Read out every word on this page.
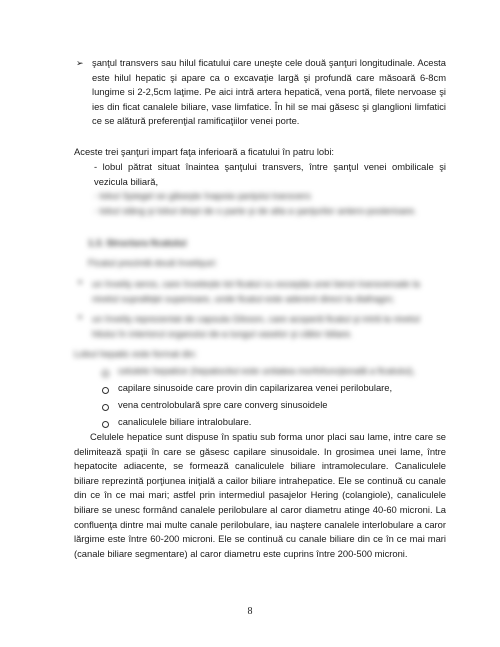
➢ şanţul transvers sau hilul ficatului care uneşte cele două şanţuri longitudinale. Acesta este hilul hepatic şi apare ca o excavaţie largă şi profundă care măsoară 6-8cm lungime si 2-2,5cm laţime. Pe aici intră artera hepatică, vena portă, filete nervoase şi ies din ficat canalele biliare, vase limfatice. În hil se mai găsesc şi glanglioni limfatici ce se alătură preferenţial ramificaţiilor venei porte.
Aceste trei şanţuri impart faţa inferioară a ficatului în patru lobi:
- lobul pătrat situat înaintea şanţului transvers, între şanţul venei ombilicale şi vezicula biliară,
- lobul Spiegel se găseşte înapoia şanţului transvers
- lobul stâng şi lobul drept de o parte şi de alta a şanţurilor antero-posterioare.
1.3. Structura ficatului
Ficatul prezintă două învelişuri:
● un înveliş seros, care învelește tot ficatul cu excepția unei benzi transversale la
nivelul suprafeţei superioare, unde ficatul este aderent direct la diafragm;
● un înveliş reprezentat de capsula Glisson, care acoperă ficatul şi intră la nivelul
hilului în interiorul organului de-a lungul vaselor şi căilor biliare.
Lobul hepatic este format din:
celulele hepatice (hepatocitul este unitatea morfofuncţională a ficatului),
capilare sinusoide care provin din capilarizarea venei perilobulare,
vena centrolobulară spre care converg sinusoidele
canaliculele biliare intralobulare.
Celulele hepatice sunt dispuse în spatiu sub forma unor placi sau lame, intre care se delimitează spaţii în care se găsesc capilare sinusoidale. In grosimea unei lame, între hepatocite adiacente, se formează canaliculele biliare intramoleculare. Canaliculele biliare reprezintă porţiunea iniţială a cailor biliare intrahepatice. Ele se continuă cu canale din ce în ce mai mari; astfel prin intermediul pasajelor Hering (colangiole), canaliculele biliare se unesc formând canalele perilobulare al caror diametru atinge 40-60 microni. La confluenţa dintre mai multe canale perilobulare, iau naştere canalele interlobulare a caror lărgime este între 60-200 microni. Ele se continuă cu canale biliare din ce în ce mai mari (canale biliare segmentare) al caror diametru este cuprins între 200-500 microni.
8
